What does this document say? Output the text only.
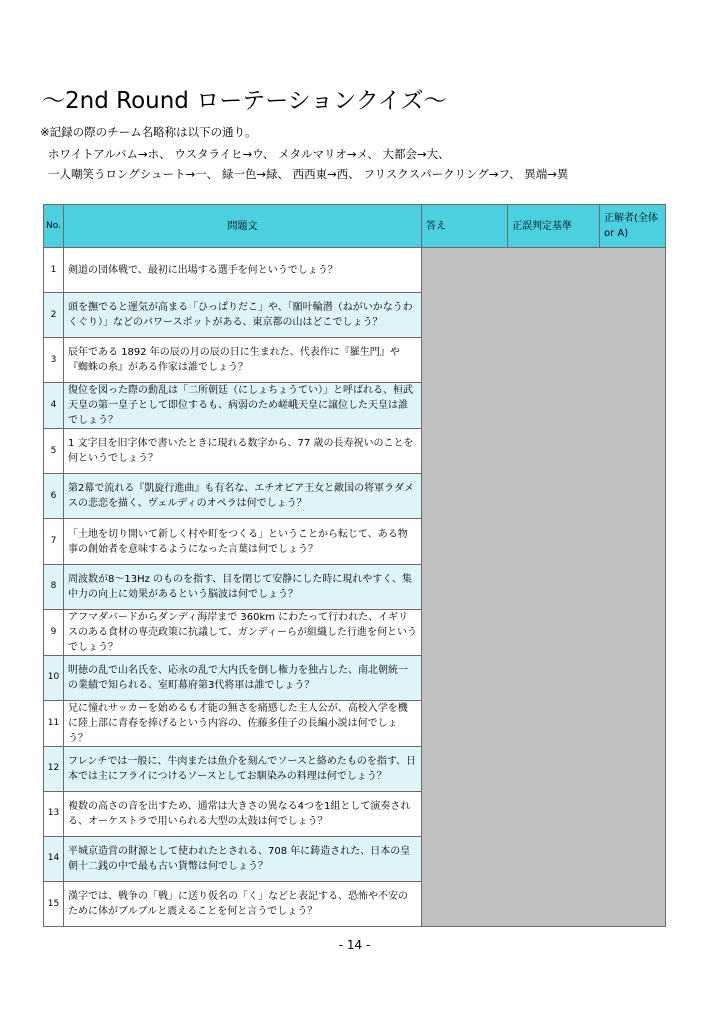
～2nd Round ローテーションクイズ～
※記録の際のチーム名略称は以下の通り。
ホワイトアルバム→ホ、 ウスタライヒ→ウ、 メタルマリオ→メ、 大都会→大、
一人嘲笑うロングシュート→一、 緑一色→緑、 西西東→西、 フリスクスパークリング→フ、 異端→異
No.	問題文	答え	正誤判定基準	正解者(全体 or A)
1	剣道の団体戦で、最初に出場する選手を何というでしょう？			
2	頭を撫でると運気が高まる「ひっぱりだこ」や、「願叶輪潜（ねがいかなうわくぐり）」などのパワースポットがある、東京都の山はどこでしょう？			
3	辰年である 1892 年の辰の月の辰の日に生まれた、代表作に『羅生門』や『蜘蛛の糸』がある作家は誰でしょう？			
4	復位を図った際の動乱は「二所朝廷（にしょちょうてい）」と呼ばれる、桓武天皇の第一皇子として即位するも、病弱のため嵯峨天皇に譲位した天皇は誰でしょう？			
5	1 文字目を旧字体で書いたときに現れる数字から、77 歳の長寿祝いのことを何というでしょう？			
6	第2幕で流れる『凱旋行進曲』も有名な、エチオピア王女と敵国の将軍ラダメスの悲恋を描く、ヴェルディのオペラは何でしょう？			
7	「土地を切り開いて新しく村や町をつくる」ということから転じて、ある物事の創始者を意味するようになった言葉は何でしょう？			
8	周波数が8～13Hz のものを指す、目を閉じて安静にした時に現れやすく、集中力の向上に効果があるという脳波は何でしょう？			
9	アフマダバードからダンディ海岸まで 360km にわたって行われた、イギリスのある食材の専売政策に抗議して、ガンディーらが組織した行進を何というでしょう？			
10	明徳の乱で山名氏を、応永の乱で大内氏を倒し権力を独占した、南北朝統一の業績で知られる、室町幕府第3代将軍は誰でしょう？			
11	兄に憧れサッカーを始めるも才能の無さを痛感した主人公が、高校入学を機に陸上部に青春を捧げるという内容の、佐藤多佳子の長編小説は何でしょう？			
12	フレンチでは一般に、牛肉または魚介を刻んでソースと絡めたものを指す、日本では主にフライにつけるソースとしてお馴染みの料理は何でしょう？			
13	複数の高さの音を出すため、通常は大きさの異なる4つを1組として演奏される、オーケストラで用いられる大型の太鼓は何でしょう？			
14	平城京造営の財源として使われたとされる、708 年に鋳造された、日本の皇朝十二銭の中で最も古い貨幣は何でしょう？			
15	漢字では、戦争の「戦」に送り仮名の「く」などと表記する、恐怖や不安のために体がブルブルと震えることを何と言うでしょう？			
- 14 -
